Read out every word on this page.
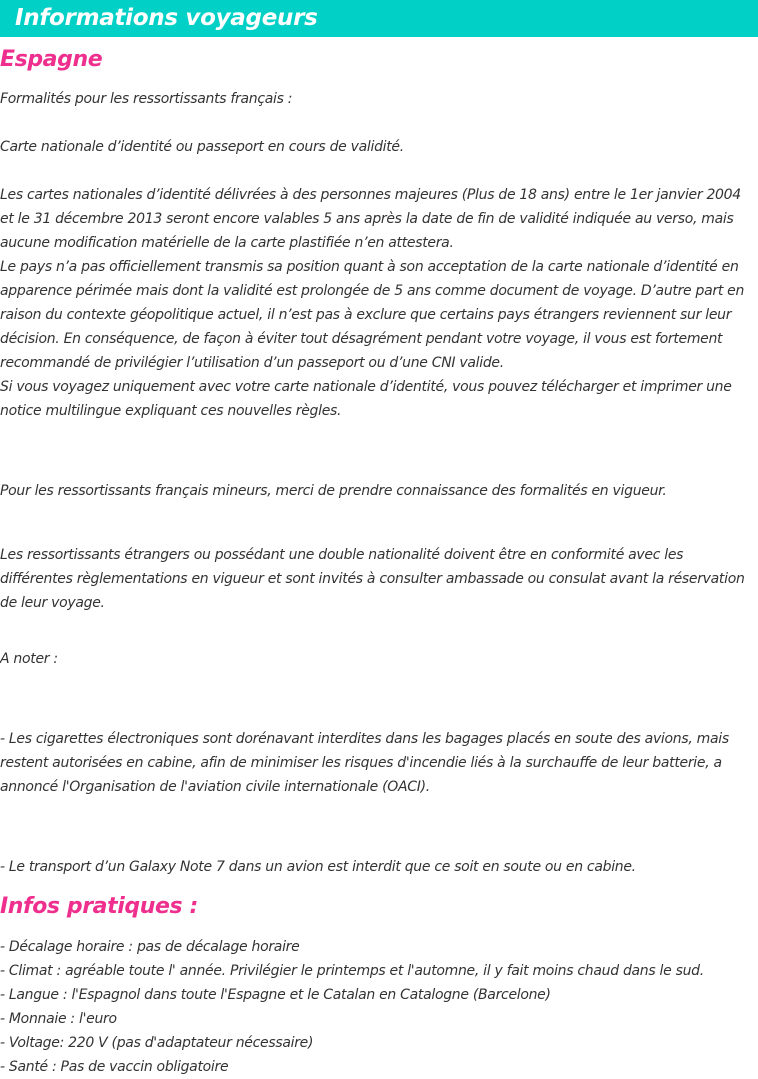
Informations voyageurs
Espagne

Formalités pour les ressortissants français :

Carte nationale d’identité ou passeport en cours de validité.

Les cartes nationales d’identité délivrées à des personnes majeures (Plus de 18 ans) entre le 1er janvier 2004 et le 31 décembre 2013 seront encore valables 5 ans après la date de fin de validité indiquée au verso, mais aucune modification matérielle de la carte plastifiée n’en attestera.

Le pays n’a pas officiellement transmis sa position quant à son acceptation de la carte nationale d’identité en apparence périmée mais dont la validité est prolongée de 5 ans comme document de voyage. D’autre part en raison du contexte géopolitique actuel, il n’est pas à exclure que certains pays étrangers reviennent sur leur décision. En conséquence, de façon à éviter tout désagrément pendant votre voyage, il vous est fortement recommandé de privilégier l’utilisation d’un passeport ou d’une CNI valide.

Si vous voyagez uniquement avec votre carte nationale d’identité, vous pouvez télécharger et imprimer une notice multilingue expliquant ces nouvelles règles.

Pour les ressortissants français mineurs, merci de prendre connaissance des formalités en vigueur.

Les ressortissants étrangers ou possédant une double nationalité doivent être en conformité avec les différentes règlementations en vigueur et sont invités à consulter ambassade ou consulat avant la réservation de leur voyage.

A noter :

- Les cigarettes électroniques sont dorénavant interdites dans les bagages placés en soute des avions, mais restent autorisées en cabine, afin de minimiser les risques d'incendie liés à la surchauffe de leur batterie, a annoncé l'Organisation de l'aviation civile internationale (OACI).

- Le transport d’un Galaxy Note 7 dans un avion est interdit que ce soit en soute ou en cabine.

Infos pratiques :
- Décalage horaire : pas de décalage horaire
- Climat : agréable toute l' année. Privilégier le printemps et l'automne, il y fait moins chaud dans le sud.
- Langue : l'Espagnol dans toute l'Espagne et le Catalan en Catalogne (Barcelone)
- Monnaie : l'euro
- Voltage: 220 V (pas d'adaptateur nécessaire)
- Santé : Pas de vaccin obligatoire
